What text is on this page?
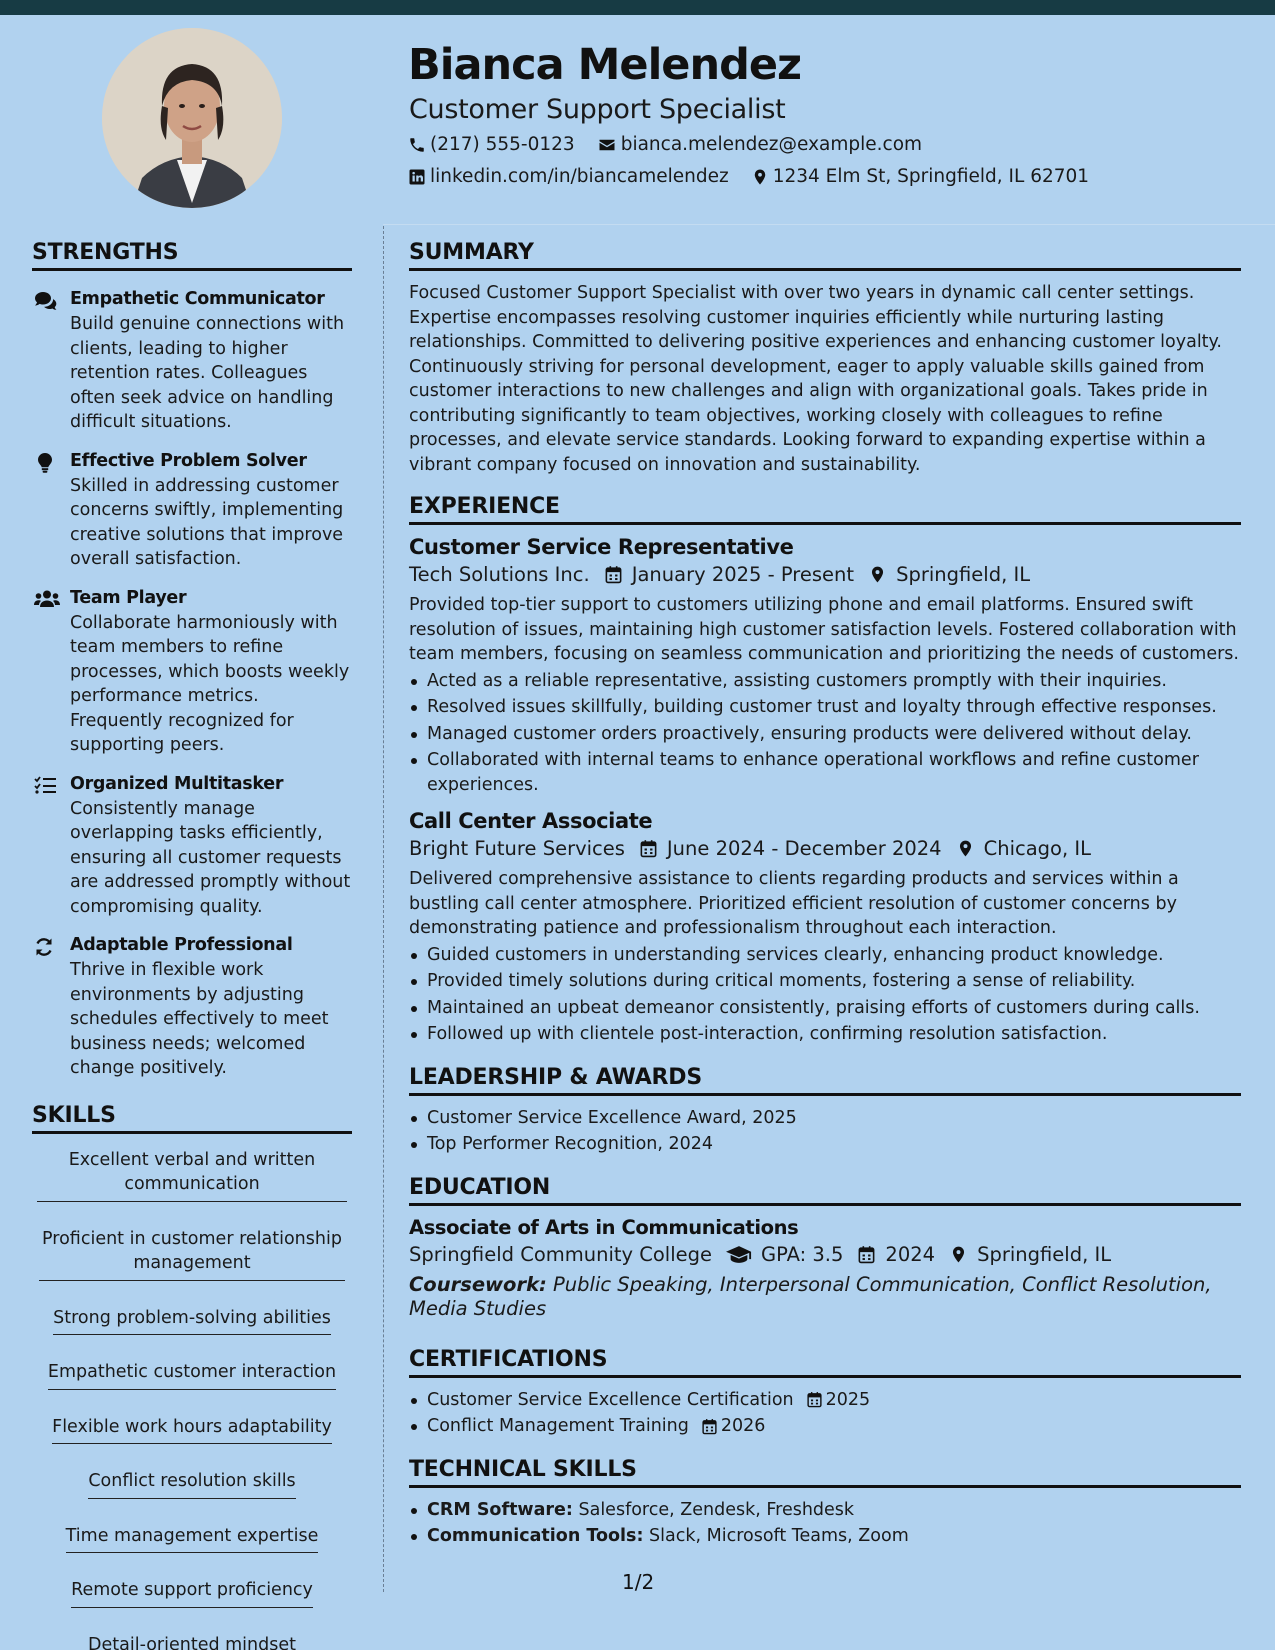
Bianca Melendez
Customer Support Specialist
(217) 555-0123 bianca.melendez@example.com
linkedin.com/in/biancamelendez 1234 Elm St, Springfield, IL 62701
STRENGTHS
Empathetic Communicator
Build genuine connections with clients, leading to higher retention rates. Colleagues often seek advice on handling difficult situations.
Effective Problem Solver
Skilled in addressing customer concerns swiftly, implementing creative solutions that improve overall satisfaction.
Team Player
Collaborate harmoniously with team members to refine processes, which boosts weekly performance metrics. Frequently recognized for supporting peers.
Organized Multitasker
Consistently manage overlapping tasks efficiently, ensuring all customer requests are addressed promptly without compromising quality.
Adaptable Professional
Thrive in flexible work environments by adjusting schedules effectively to meet business needs; welcomed change positively.
SKILLS
Excellent verbal and written communication
Proficient in customer relationship management
Strong problem-solving abilities
Empathetic customer interaction
Flexible work hours adaptability
Conflict resolution skills
Time management expertise
Remote support proficiency
Detail-oriented mindset
SUMMARY
Focused Customer Support Specialist with over two years in dynamic call center settings. Expertise encompasses resolving customer inquiries efficiently while nurturing lasting relationships. Committed to delivering positive experiences and enhancing customer loyalty. Continuously striving for personal development, eager to apply valuable skills gained from customer interactions to new challenges and align with organizational goals. Takes pride in contributing significantly to team objectives, working closely with colleagues to refine processes, and elevate service standards. Looking forward to expanding expertise within a vibrant company focused on innovation and sustainability.
EXPERIENCE
Customer Service Representative
Tech Solutions Inc. January 2025 - Present Springfield, IL
Provided top-tier support to customers utilizing phone and email platforms. Ensured swift resolution of issues, maintaining high customer satisfaction levels. Fostered collaboration with team members, focusing on seamless communication and prioritizing the needs of customers.
Acted as a reliable representative, assisting customers promptly with their inquiries.
Resolved issues skillfully, building customer trust and loyalty through effective responses.
Managed customer orders proactively, ensuring products were delivered without delay.
Collaborated with internal teams to enhance operational workflows and refine customer experiences.
Call Center Associate
Bright Future Services June 2024 - December 2024 Chicago, IL
Delivered comprehensive assistance to clients regarding products and services within a bustling call center atmosphere. Prioritized efficient resolution of customer concerns by demonstrating patience and professionalism throughout each interaction.
Guided customers in understanding services clearly, enhancing product knowledge.
Provided timely solutions during critical moments, fostering a sense of reliability.
Maintained an upbeat demeanor consistently, praising efforts of customers during calls.
Followed up with clientele post-interaction, confirming resolution satisfaction.
LEADERSHIP & AWARDS
Customer Service Excellence Award, 2025
Top Performer Recognition, 2024
EDUCATION
Associate of Arts in Communications
Springfield Community College	GPA: 3.5 2024 Springfield, IL
Coursework: Public Speaking, Interpersonal Communication, Conflict Resolution, Media Studies
CERTIFICATIONS
Customer Service Excellence Certification 2025
Conflict Management Training 2026
TECHNICAL SKILLS
CRM Software: Salesforce, Zendesk, Freshdesk
Communication Tools: Slack, Microsoft Teams, Zoom
1/2
